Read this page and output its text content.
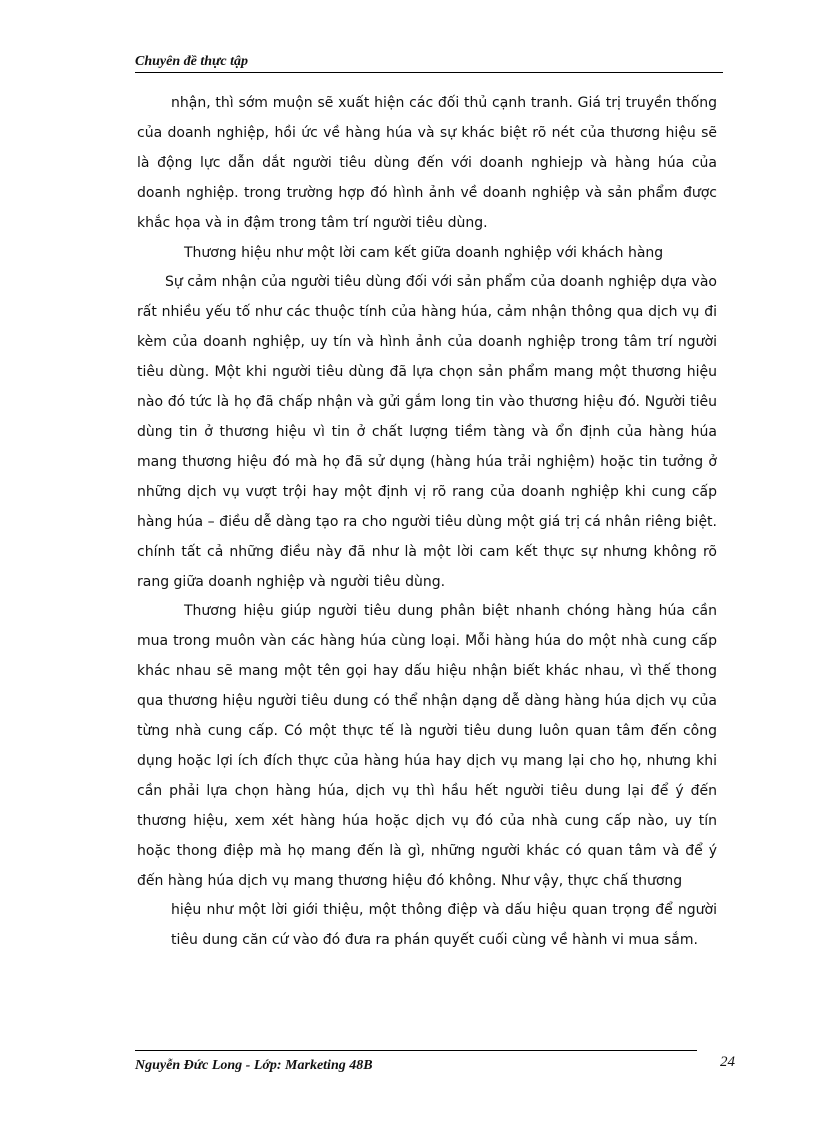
Chuyên đề thực tập

nhận, thì sớm muộn sẽ xuất hiện các đối thủ cạnh tranh. Giá trị truyền thống của doanh nghiệp, hồi ức về hàng húa và sự khác biệt rõ nét của thương hiệu sẽ là động lực dẫn dắt người tiêu dùng đến với doanh nghiejp và hàng húa của doanh nghiệp. trong trường hợp đó hình ảnh về doanh nghiệp và sản phẩm được khắc họa và in đậm trong tâm trí người tiêu dùng.

Thương hiệu như một lời cam kết giữa doanh nghiệp với khách hàng

Sự cảm nhận của người tiêu dùng đối với sản phẩm của doanh nghiệp dựa vào rất nhiều yếu tố như các thuộc tính của hàng húa, cảm nhận thông qua dịch vụ đi kèm của doanh nghiệp, uy tín và hình ảnh của doanh nghiệp trong tâm trí người tiêu dùng. Một khi người tiêu dùng đã lựa chọn sản phẩm mang một thương hiệu nào đó tức là họ đã chấp nhận và gửi gắm long tin vào thương hiệu đó. Người tiêu dùng tin ở thương hiệu vì tin ở chất lượng tiềm tàng và ổn định của hàng húa mang thương hiệu đó mà họ đã sử dụng (hàng húa trải nghiệm) hoặc tin tưởng ở những dịch vụ vượt trội hay một định vị rõ rang của doanh nghiệp khi cung cấp hàng húa – điều dễ dàng tạo ra cho người tiêu dùng một giá trị cá nhân riêng biệt. chính tất cả những điều này đã như là một lời cam kết thực sự nhưng không rõ rang giữa doanh nghiệp và người tiêu dùng.

Thương hiệu giúp người tiêu dung phân biệt nhanh chóng hàng húa cần mua trong muôn vàn các hàng húa cùng loại. Mỗi hàng húa do một nhà cung cấp khác nhau sẽ mang một tên gọi hay dấu hiệu nhận biết khác nhau, vì thế thong qua thương hiệu người tiêu dung có thể nhận dạng dễ dàng hàng húa dịch vụ của từng nhà cung cấp. Có một thực tế là người tiêu dung luôn quan tâm đến công dụng hoặc lợi ích đích thực của hàng húa hay dịch vụ mang lại cho họ, nhưng khi cần phải lựa chọn hàng húa, dịch vụ thì hầu hết người tiêu dung lại để ý đến thương hiệu, xem xét hàng húa hoặc dịch vụ đó của nhà cung cấp nào, uy tín hoặc thong điệp mà họ mang đến là gì, những người khác có quan tâm và để ý đến hàng húa dịch vụ mang thương hiệu đó không. Như vậy, thực chấ thương

hiệu như một lời giới thiệu, một thông điệp và dấu hiệu quan trọng để người tiêu dung căn cứ vào đó đưa ra phán quyết cuối cùng về hành vi mua sắm.

Nguyễn Đức Long - Lớp: Marketing 48B	24
